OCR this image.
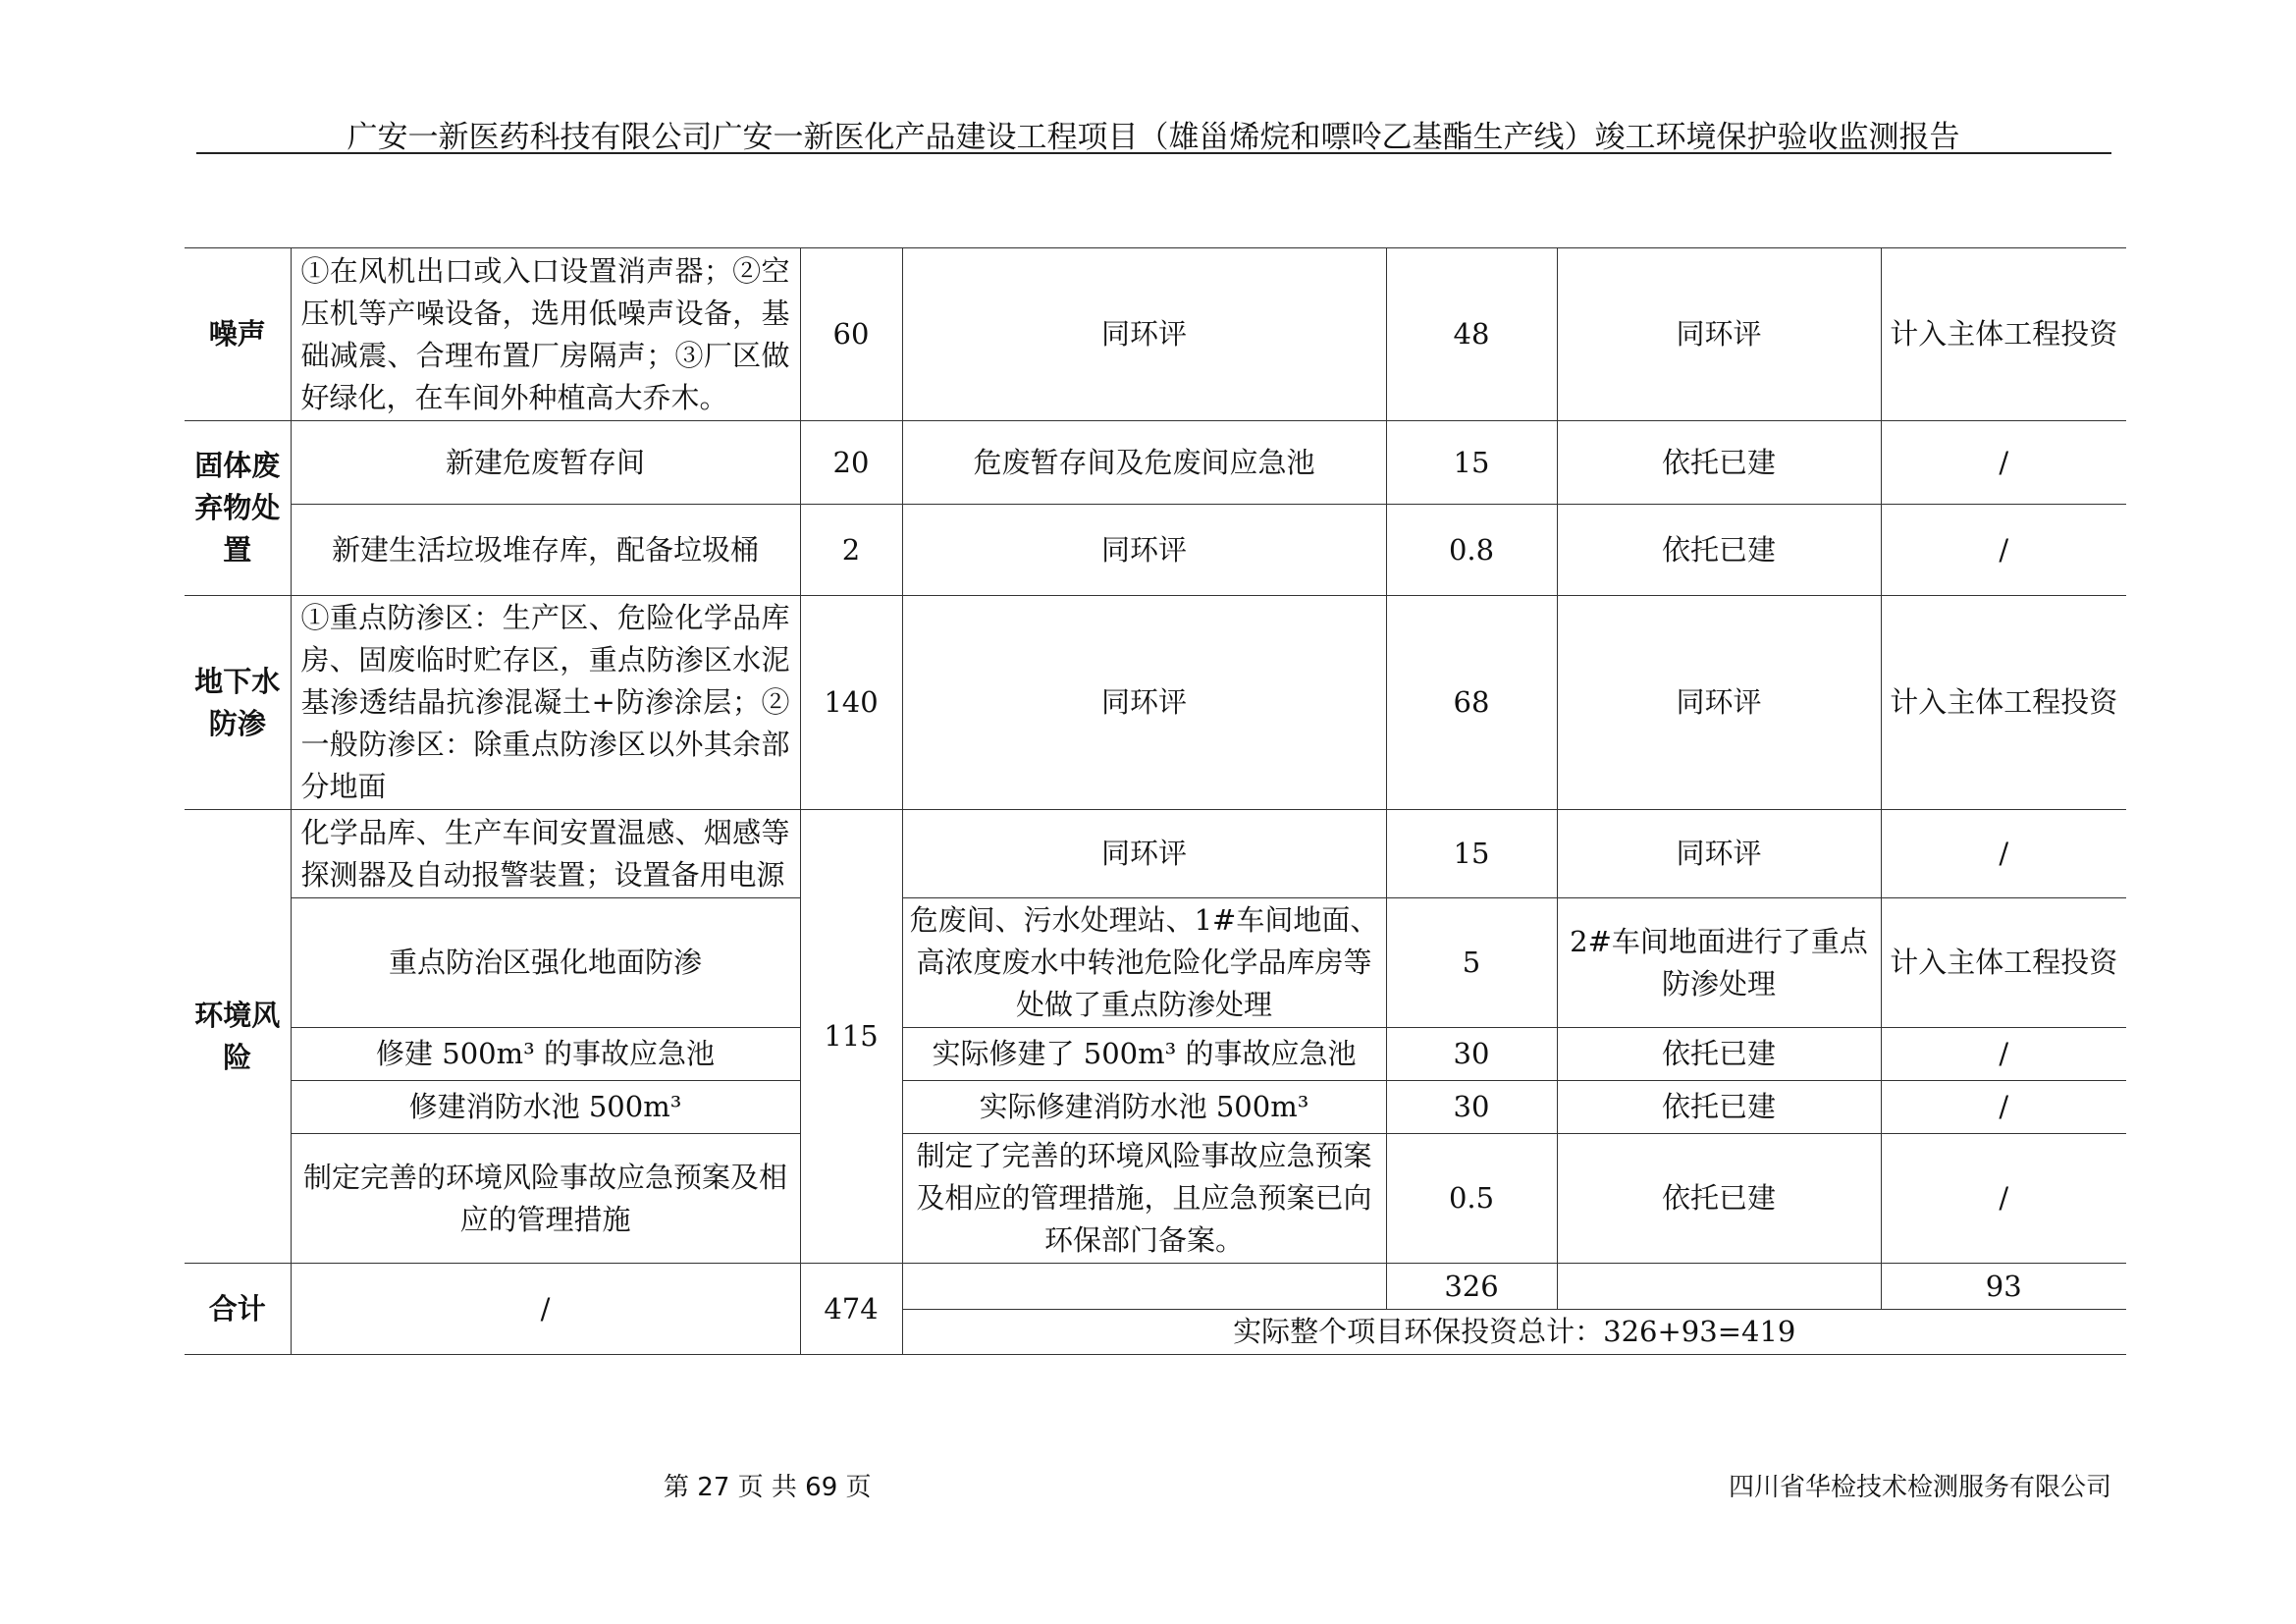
广安一新医药科技有限公司广安一新医化产品建设工程项目（雄甾烯烷和嘌呤乙基酯生产线）竣工环境保护验收监测报告
噪声	①在风机出口或入口设置消声器；②空压机等产噪设备，选用低噪声设备，基础减震、合理布置厂房隔声；③厂区做好绿化，在车间外种植高大乔木。	60	同环评	48	同环评	计入主体工程投资
固体废弃物处置	新建危废暂存间	20	危废暂存间及危废间应急池	15	依托已建	/
	新建生活垃圾堆存库，配备垃圾桶	2	同环评	0.8	依托已建	/
地下水防渗	①重点防渗区：生产区、危险化学品库房、固废临时贮存区，重点防渗区水泥基渗透结晶抗渗混凝土+防渗涂层；②一般防渗区：除重点防渗区以外其余部分地面	140	同环评	68	同环评	计入主体工程投资
环境风险	化学品库、生产车间安置温感、烟感等探测器及自动报警装置；设置备用电源	115	同环评	15	同环评	/
	重点防治区强化地面防渗		危废间、污水处理站、1#车间地面、高浓度废水中转池危险化学品库房等处做了重点防渗处理	5	2#车间地面进行了重点防渗处理	计入主体工程投资
	修建 500m³ 的事故应急池		实际修建了 500m³ 的事故应急池	30	依托已建	/
	修建消防水池 500m³		实际修建消防水池 500m³	30	依托已建	/
	制定完善的环境风险事故应急预案及相应的管理措施		制定了完善的环境风险事故应急预案及相应的管理措施，且应急预案已向环保部门备案。	0.5	依托已建	/
合计	/	474		326		93
			实际整个项目环保投资总计：326+93=419			
第 27 页 共 69 页	四川省华检技术检测服务有限公司
